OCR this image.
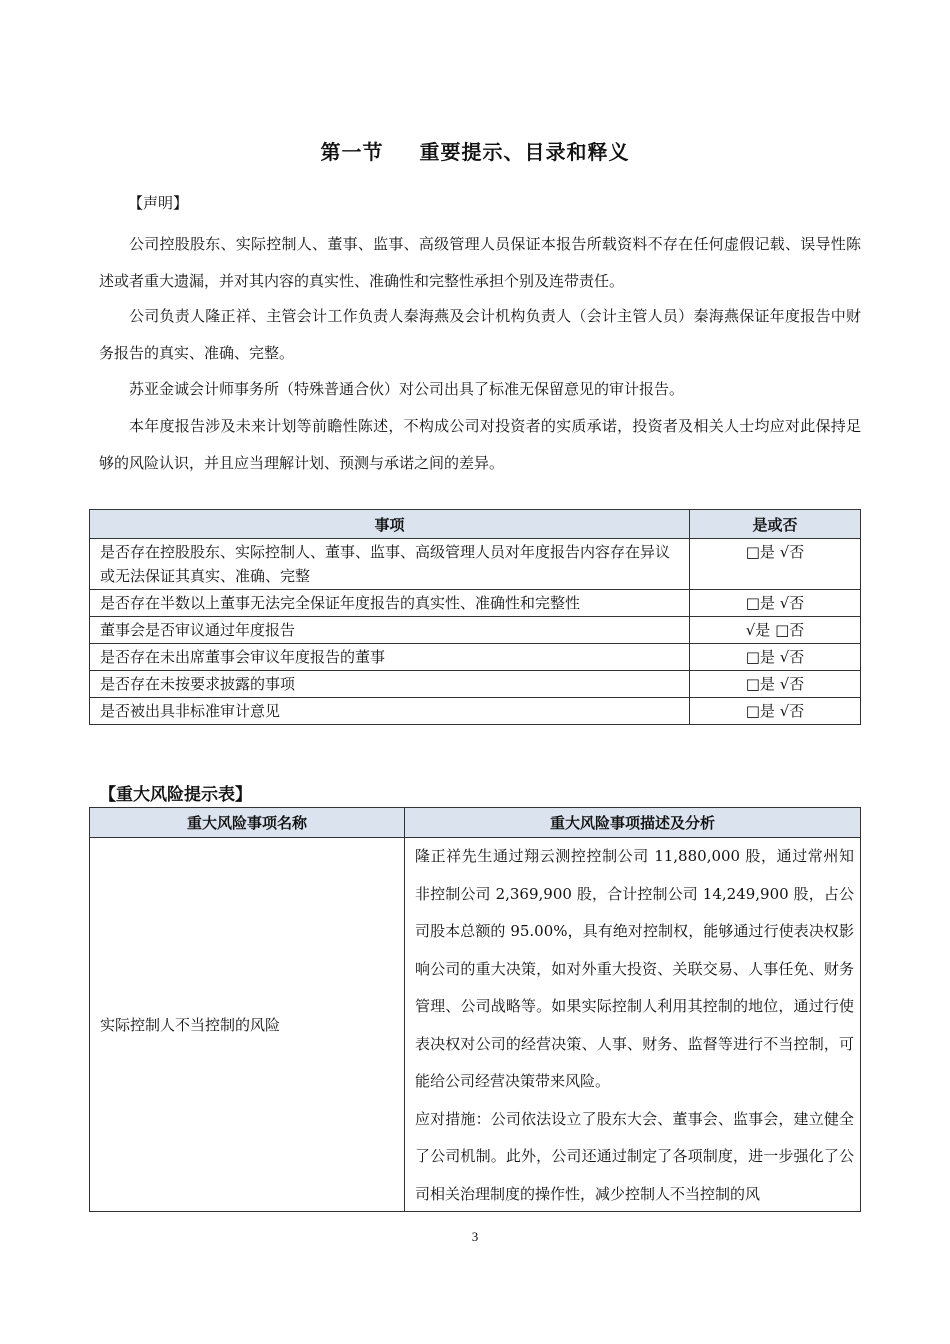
第一节 重要提示、目录和释义
【声明】
公司控股股东、实际控制人、董事、监事、高级管理人员保证本报告所载资料不存在任何虚假记载、误导性陈述或者重大遗漏，并对其内容的真实性、准确性和完整性承担个别及连带责任。
公司负责人隆正祥、主管会计工作负责人秦海燕及会计机构负责人（会计主管人员）秦海燕保证年度报告中财务报告的真实、准确、完整。
苏亚金诚会计师事务所（特殊普通合伙）对公司出具了标准无保留意见的审计报告。
本年度报告涉及未来计划等前瞻性陈述，不构成公司对投资者的实质承诺，投资者及相关人士均应对此保持足够的风险认识，并且应当理解计划、预测与承诺之间的差异。
事项	是或否
是否存在控股股东、实际控制人、董事、监事、高级管理人员对年度报告内容存在异议或无法保证其真实、准确、完整	□是 √否
是否存在半数以上董事无法完全保证年度报告的真实性、准确性和完整性	□是 √否
董事会是否审议通过年度报告	√是 □否
是否存在未出席董事会审议年度报告的董事	□是 √否
是否存在未按要求披露的事项	□是 √否
是否被出具非标准审计意见	□是 √否
【重大风险提示表】
重大风险事项名称	重大风险事项描述及分析
实际控制人不当控制的风险	隆正祥先生通过翔云测控控制公司 11,880,000 股，通过常州知非控制公司 2,369,900 股，合计控制公司 14,249,900 股，占公司股本总额的 95.00%，具有绝对控制权，能够通过行使表决权影响公司的重大决策，如对外重大投资、关联交易、人事任免、财务管理、公司战略等。如果实际控制人利用其控制的地位，通过行使表决权对公司的经营决策、人事、财务、监督等进行不当控制，可能给公司经营决策带来风险。
应对措施：公司依法设立了股东大会、董事会、监事会，建立健全了公司机制。此外，公司还通过制定了各项制度，进一步强化了公司相关治理制度的操作性，减少控制人不当控制的风

3
